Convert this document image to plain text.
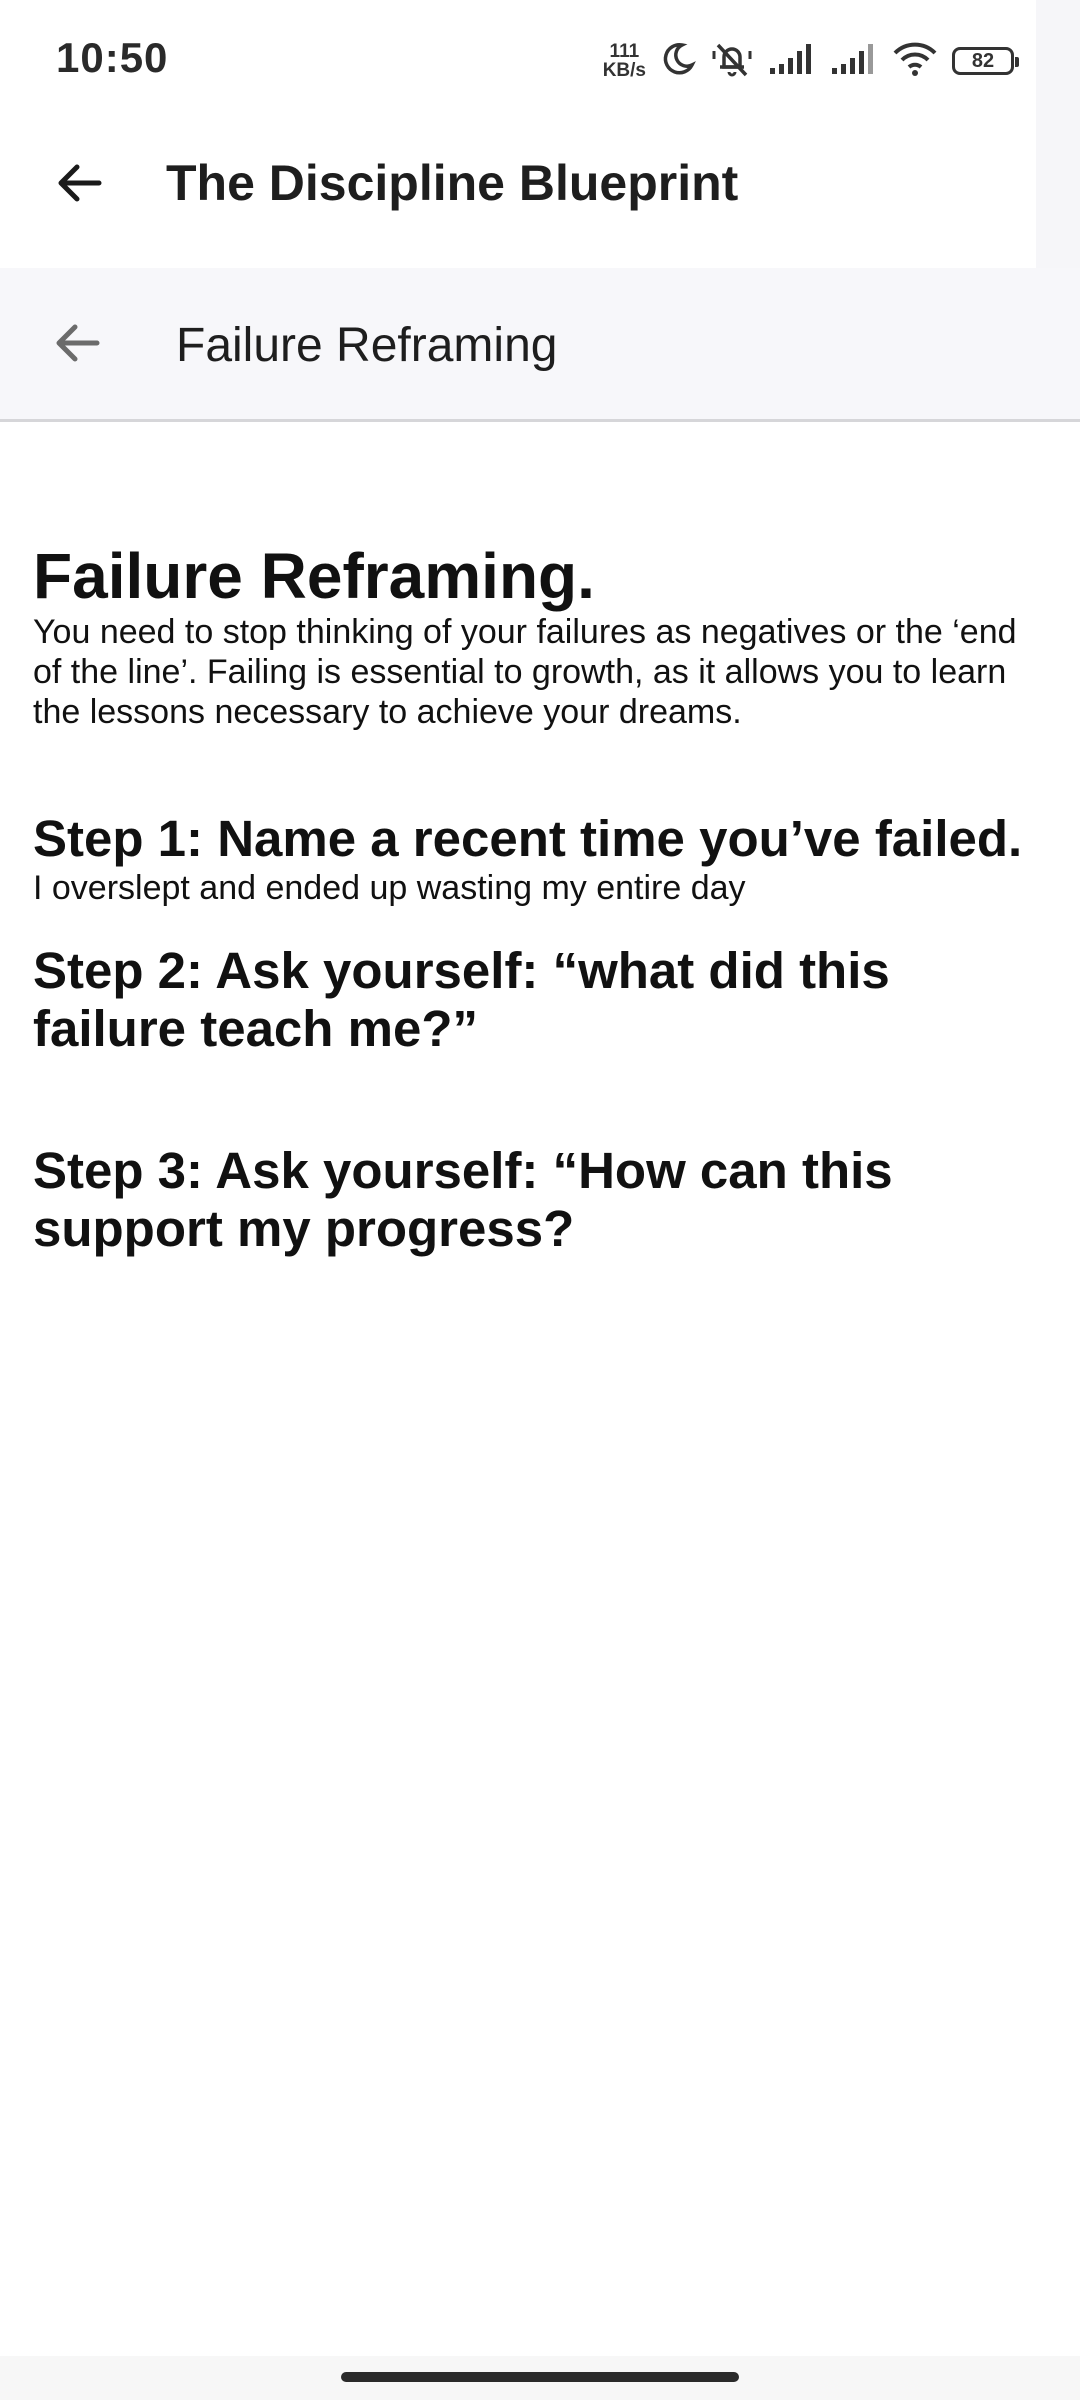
10:50	111
KB/s	82
The Discipline Blueprint
Failure Reframing
Failure Reframing.

You need to stop thinking of your failures as negatives or the ‘end of the line’. Failing is essential to growth, as it allows you to learn the lessons necessary to achieve your dreams.

Step 1: Name a recent time you’ve failed.

I overslept and ended up wasting my entire day

Step 2: Ask yourself: “what did this failure teach me?”
Step 3: Ask yourself: “How can this support my progress?
